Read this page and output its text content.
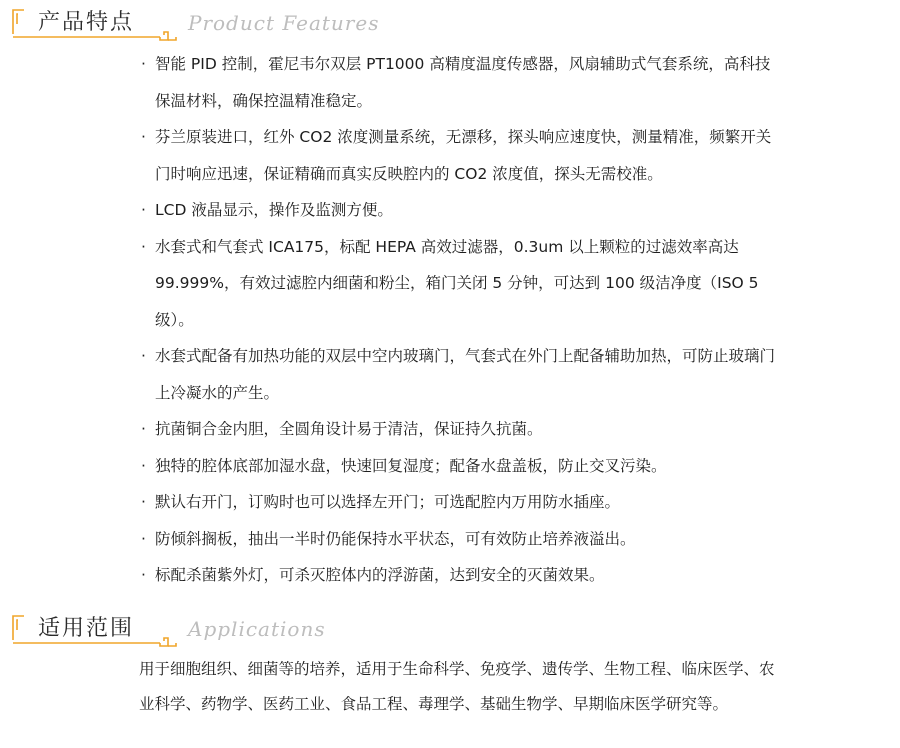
产品特点	Product Features
· 智能 PID 控制，霍尼韦尔双层 PT1000 高精度温度传感器，风扇辅助式气套系统，高科技保温材料，确保控温精准稳定。
· 芬兰原装进口，红外 CO2 浓度测量系统，无漂移，探头响应速度快，测量精准，频繁开关门时响应迅速，保证精确而真实反映腔内的 CO2 浓度值，探头无需校准。
· LCD 液晶显示，操作及监测方便。
· 水套式和气套式 ICA175，标配 HEPA 高效过滤器，0.3um 以上颗粒的过滤效率高达 99.999%，有效过滤腔内细菌和粉尘，箱门关闭 5 分钟，可达到 100 级洁净度（ISO 5 级）。
· 水套式配备有加热功能的双层中空内玻璃门，气套式在外门上配备辅助加热，可防止玻璃门上冷凝水的产生。
· 抗菌铜合金内胆，全圆角设计易于清洁，保证持久抗菌。
· 独特的腔体底部加湿水盘，快速回复湿度；配备水盘盖板，防止交叉污染。
· 默认右开门，订购时也可以选择左开门；可选配腔内万用防水插座。
· 防倾斜搁板，抽出一半时仍能保持水平状态，可有效防止培养液溢出。
· 标配杀菌紫外灯，可杀灭腔体内的浮游菌，达到安全的灭菌效果。
适用范围	Applications

用于细胞组织、细菌等的培养，适用于生命科学、免疫学、遗传学、生物工程、临床医学、农业科学、药物学、医药工业、食品工程、毒理学、基础生物学、早期临床医学研究等。
